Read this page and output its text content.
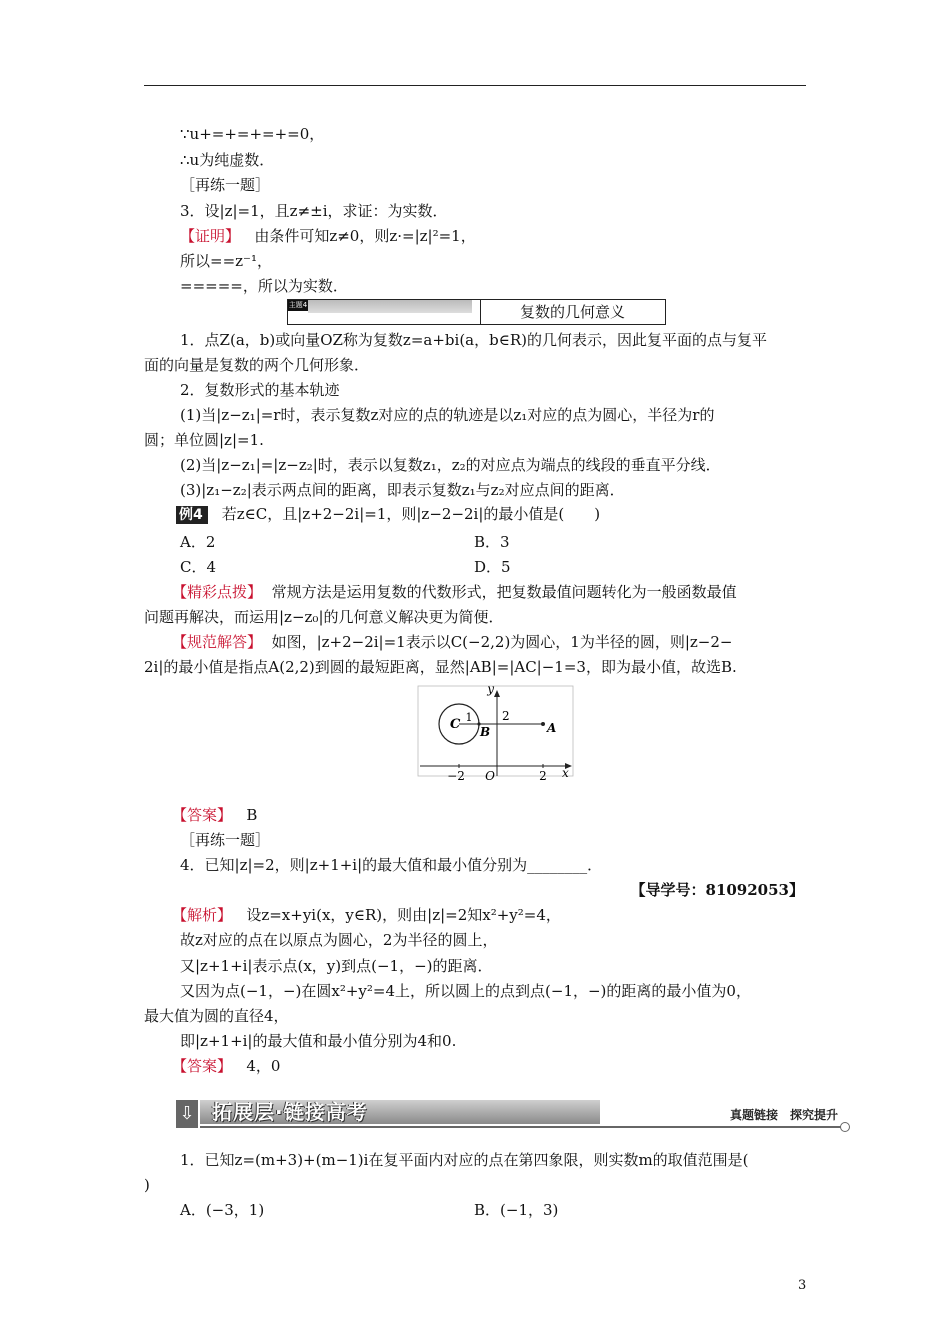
∵u+=+=+=+=0，
∴u为纯虚数．
［再练一题］
3．设|z|=1，且z≠±i，求证：为实数．
【证明】 由条件可知z≠0，则z·=|z|²=1，
所以==z⁻¹，
=====，所以为实数．
主题4	复数的几何意义
1．点Z(a，b)或向量OZ称为复数z=a+bi(a，b∈R)的几何表示，因此复平面的点与复平
面的向量是复数的两个几何形象．
2．复数形式的基本轨迹
(1)当|z−z₁|=r时，表示复数z对应的点的轨迹是以z₁对应的点为圆心，半径为r的
圆；单位圆|z|=1.
(2)当|z−z₁|=|z−z₂|时，表示以复数z₁，z₂的对应点为端点的线段的垂直平分线．
(3)|z₁−z₂|表示两点间的距离，即表示复数z₁与z₂对应点间的距离．
例4 若z∈C，且|z+2−2i|=1，则|z−2−2i|的最小值是(　　)
A．2	B．3
C．4	D．5
【精彩点拨】 常规方法是运用复数的代数形式，把复数最值问题转化为一般函数最值
问题再解决，而运用|z−z₀|的几何意义解决更为简便．
【规范解答】 如图，|z+2−2i|=1表示以C(−2,2)为圆心，1为半径的圆，则|z−2−
2i|的最小值是指点A(2,2)到圆的最短距离，显然|AB|=|AC|−1=3，即为最小值，故选B.
y
x
O
−2	2
2
1
C B	A
【答案】 B
［再练一题］
4．已知|z|=2，则|z+1+i|的最大值和最小值分别为________．
【导学号：81092053】
【解析】 设z=x+yi(x，y∈R)，则由|z|=2知x²+y²=4，
故z对应的点在以原点为圆心，2为半径的圆上，
又|z+1+i|表示点(x，y)到点(−1，−)的距离．
又因为点(−1，−)在圆x²+y²=4上，所以圆上的点到点(−1，−)的距离的最小值为0，
最大值为圆的直径4，
即|z+1+i|的最大值和最小值分别为4和0.
【答案】 4，0
⇩ 拓展层·链接高考	真题链接　探究提升
1．已知z=(m+3)+(m−1)i在复平面内对应的点在第四象限，则实数m的取值范围是(
)
A．(−3，1)	B．(−1，3)
3
